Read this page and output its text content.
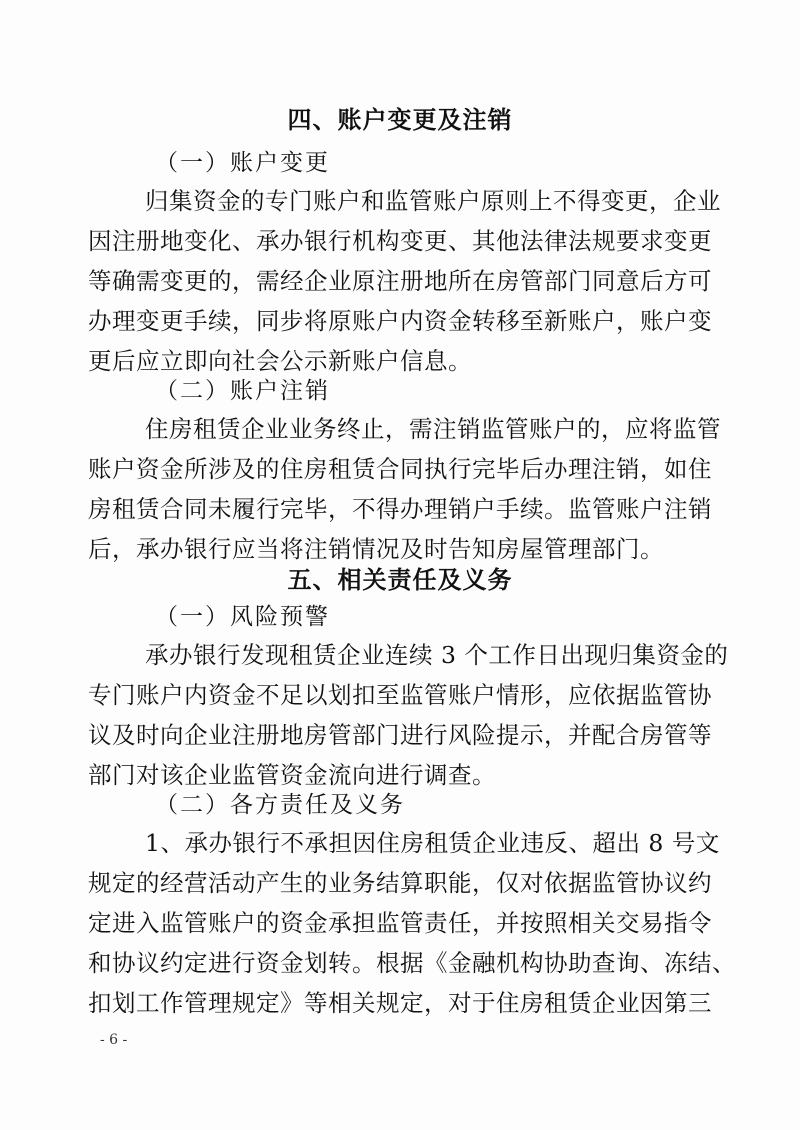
四、账户变更及注销
（一）账户变更
归集资金的专门账户和监管账户原则上不得变更，企业
因注册地变化、承办银行机构变更、其他法律法规要求变更
等确需变更的，需经企业原注册地所在房管部门同意后方可
办理变更手续，同步将原账户内资金转移至新账户，账户变
更后应立即向社会公示新账户信息。
（二）账户注销
住房租赁企业业务终止，需注销监管账户的，应将监管
账户资金所涉及的住房租赁合同执行完毕后办理注销，如住
房租赁合同未履行完毕，不得办理销户手续。监管账户注销
后，承办银行应当将注销情况及时告知房屋管理部门。
五、相关责任及义务
（一）风险预警
承办银行发现租赁企业连续 3 个工作日出现归集资金的
专门账户内资金不足以划扣至监管账户情形，应依据监管协
议及时向企业注册地房管部门进行风险提示，并配合房管等
部门对该企业监管资金流向进行调查。
（二）各方责任及义务
1、承办银行不承担因住房租赁企业违反、超出 8 号文
规定的经营活动产生的业务结算职能，仅对依据监管协议约
定进入监管账户的资金承担监管责任，并按照相关交易指令
和协议约定进行资金划转。根据《金融机构协助查询、冻结、
扣划工作管理规定》等相关规定，对于住房租赁企业因第三
- 6 -
